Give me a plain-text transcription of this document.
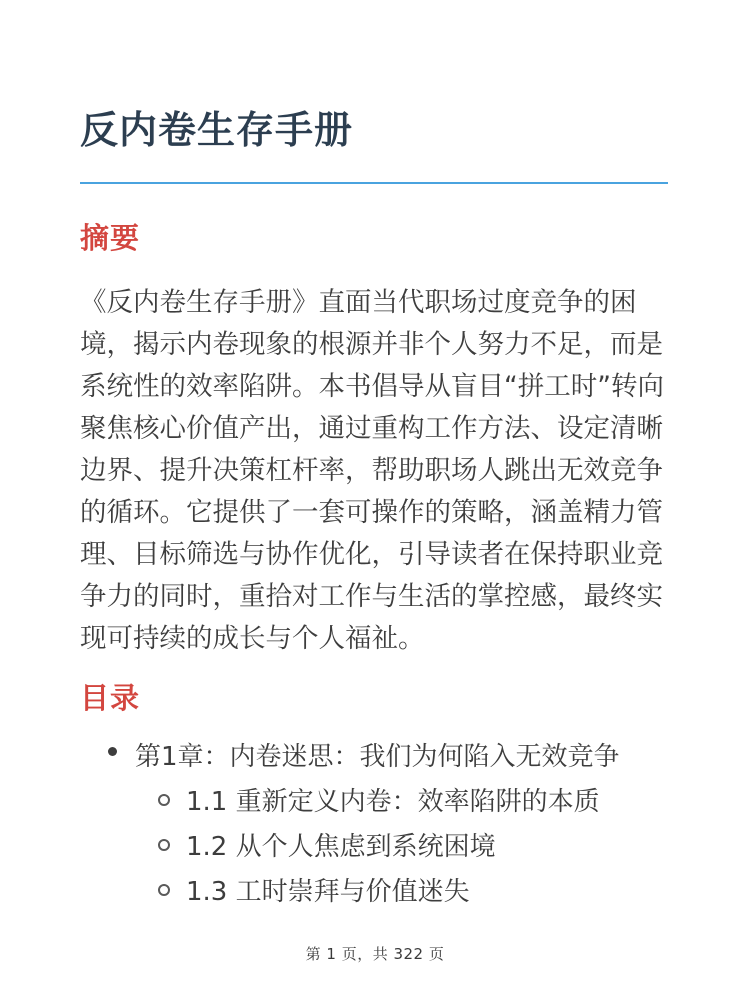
反内卷生存手册
摘要

《反内卷生存手册》直面当代职场过度竞争的困境，揭示内卷现象的根源并非个人努力不足，而是系统性的效率陷阱。本书倡导从盲目“拼工时”转向聚焦核心价值产出，通过重构工作方法、设定清晰边界、提升决策杠杆率，帮助职场人跳出无效竞争的循环。它提供了一套可操作的策略，涵盖精力管理、目标筛选与协作优化，引导读者在保持职业竞争力的同时，重拾对工作与生活的掌控感，最终实现可持续的成长与个人福祉。

目录
第1章：内卷迷思：我们为何陷入无效竞争
1.1 重新定义内卷：效率陷阱的本质
1.2 从个人焦虑到系统困境
1.3 工时崇拜与价值迷失
第 1 页，共 322 页
